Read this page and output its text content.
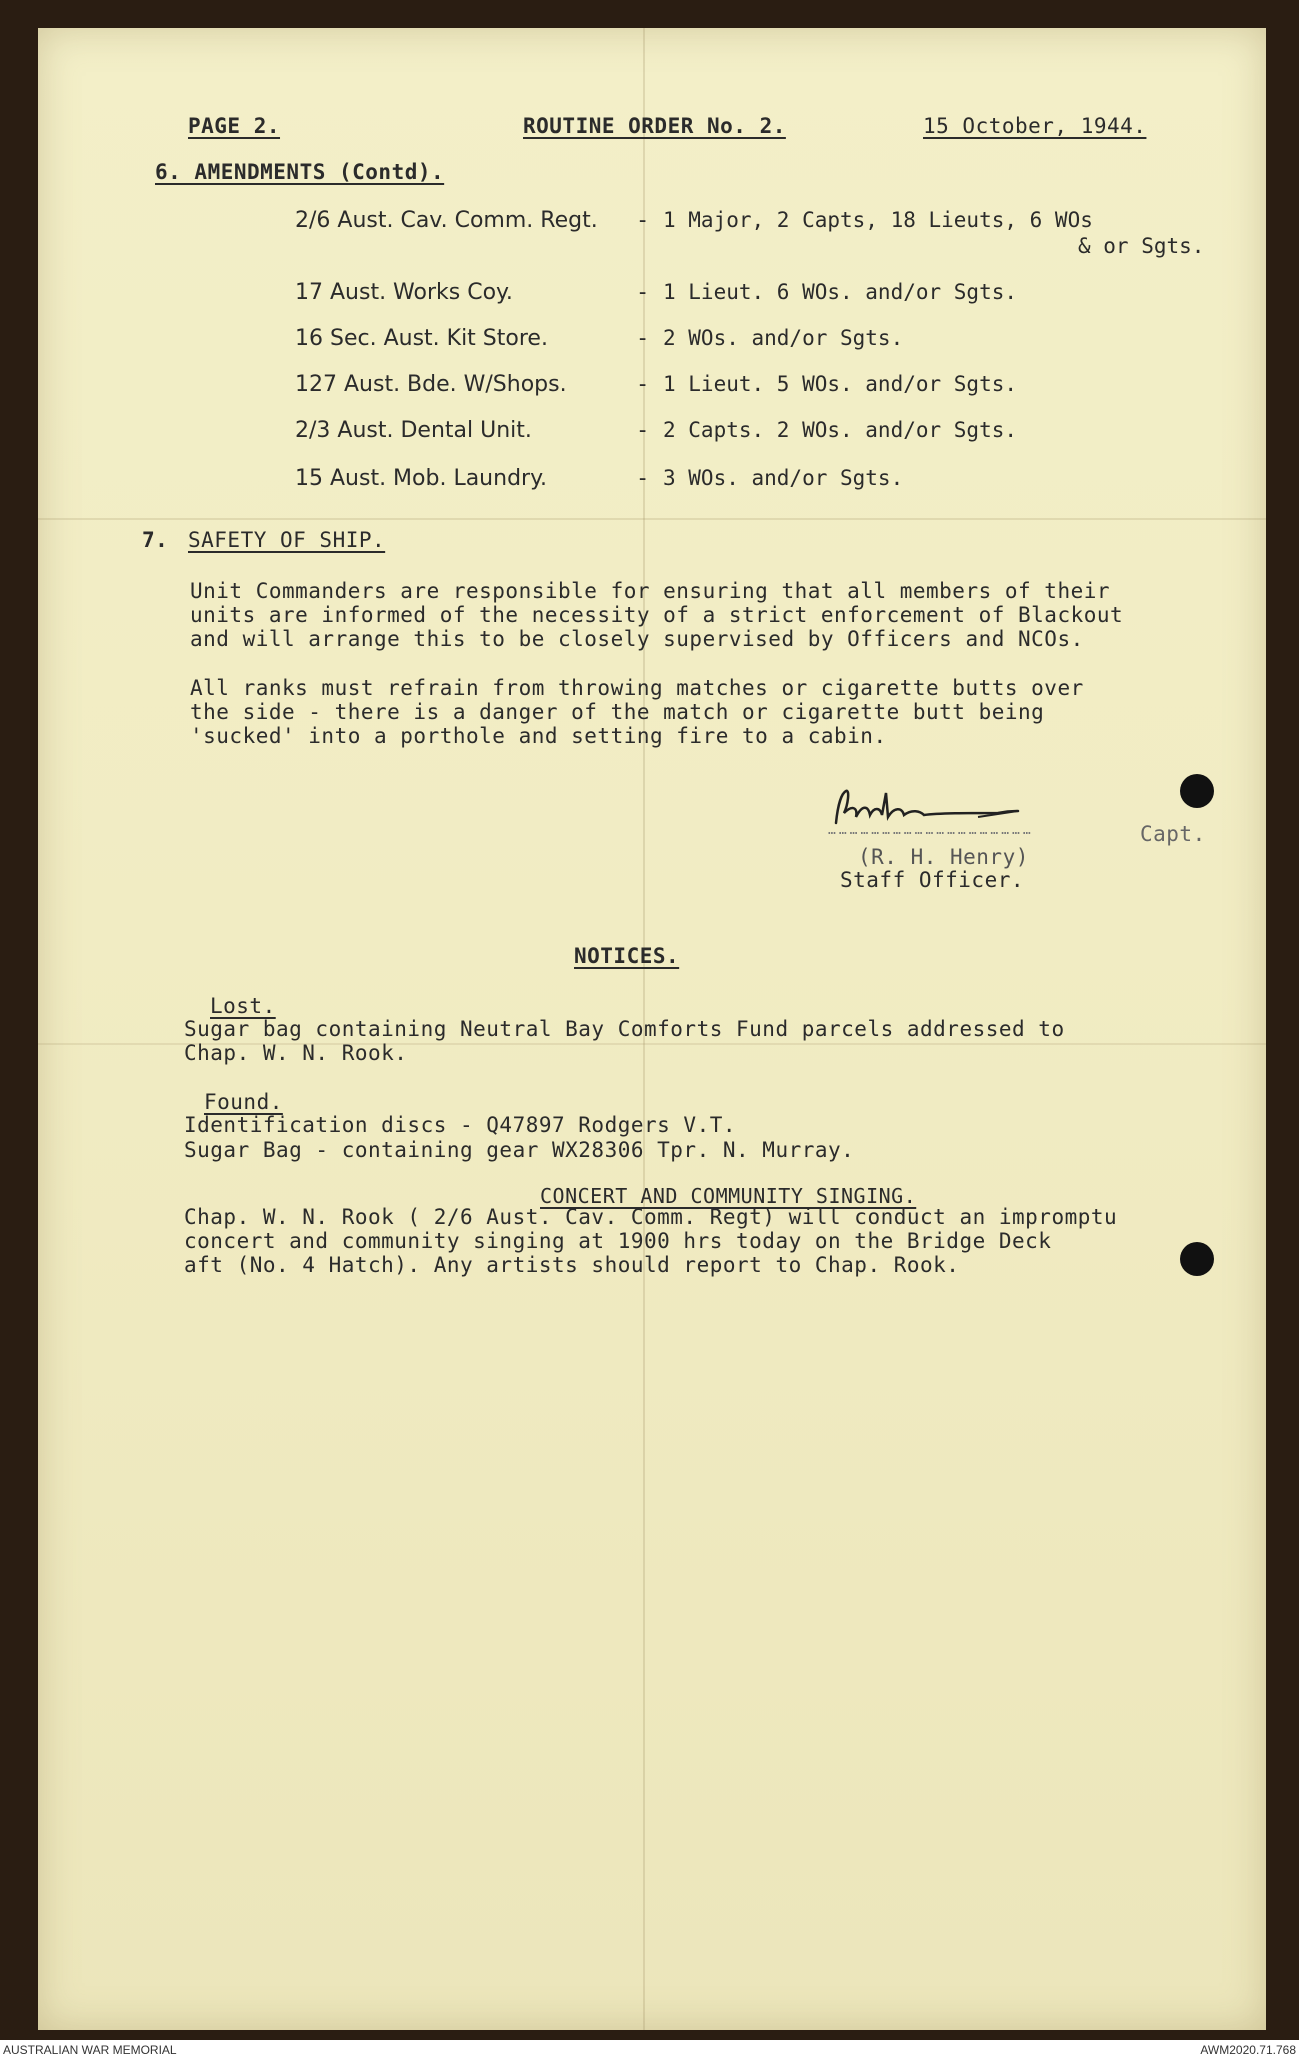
PAGE 2.	ROUTINE ORDER No. 2.	15 October, 1944.
6. AMENDMENTS (Contd).
2/6 Aust. Cav. Comm. Regt. - 1 Major, 2 Capts, 18 Lieuts, 6 WOs
& or Sgts.
17 Aust. Works Coy.	- 1 Lieut. 6 WOs. and/or Sgts.
16 Sec. Aust. Kit Store.	- 2 WOs. and/or Sgts.
127 Aust. Bde. W/Shops.	- 1 Lieut. 5 WOs. and/or Sgts.
2/3 Aust. Dental Unit.	- 2 Capts. 2 WOs. and/or Sgts.
15 Aust. Mob. Laundry.	- 3 WOs. and/or Sgts.
7. SAFETY OF SHIP.
Unit Commanders are responsible for ensuring that all members of their
units are informed of the necessity of a strict enforcement of Blackout
and will arrange this to be closely supervised by Officers and NCOs.
All ranks must refrain from throwing matches or cigarette butts over
the side - there is a danger of the match or cigarette butt being
'sucked' into a porthole and setting fire to a cabin.
…………………………………………………	Capt.
(R. H. Henry)
Staff Officer.
NOTICES.
Lost.
Sugar bag containing Neutral Bay Comforts Fund parcels addressed to
Chap. W. N. Rook.
Found.
Identification discs - Q47897 Rodgers V.T.
Sugar Bag - containing gear WX28306 Tpr. N. Murray.
CONCERT AND COMMUNITY SINGING.
Chap. W. N. Rook ( 2/6 Aust. Cav. Comm. Regt) will conduct an impromptu
concert and community singing at 1900 hrs today on the Bridge Deck
aft (No. 4 Hatch). Any artists should report to Chap. Rook.
AUSTRALIAN WAR MEMORIAL	AWM2020.71.768
